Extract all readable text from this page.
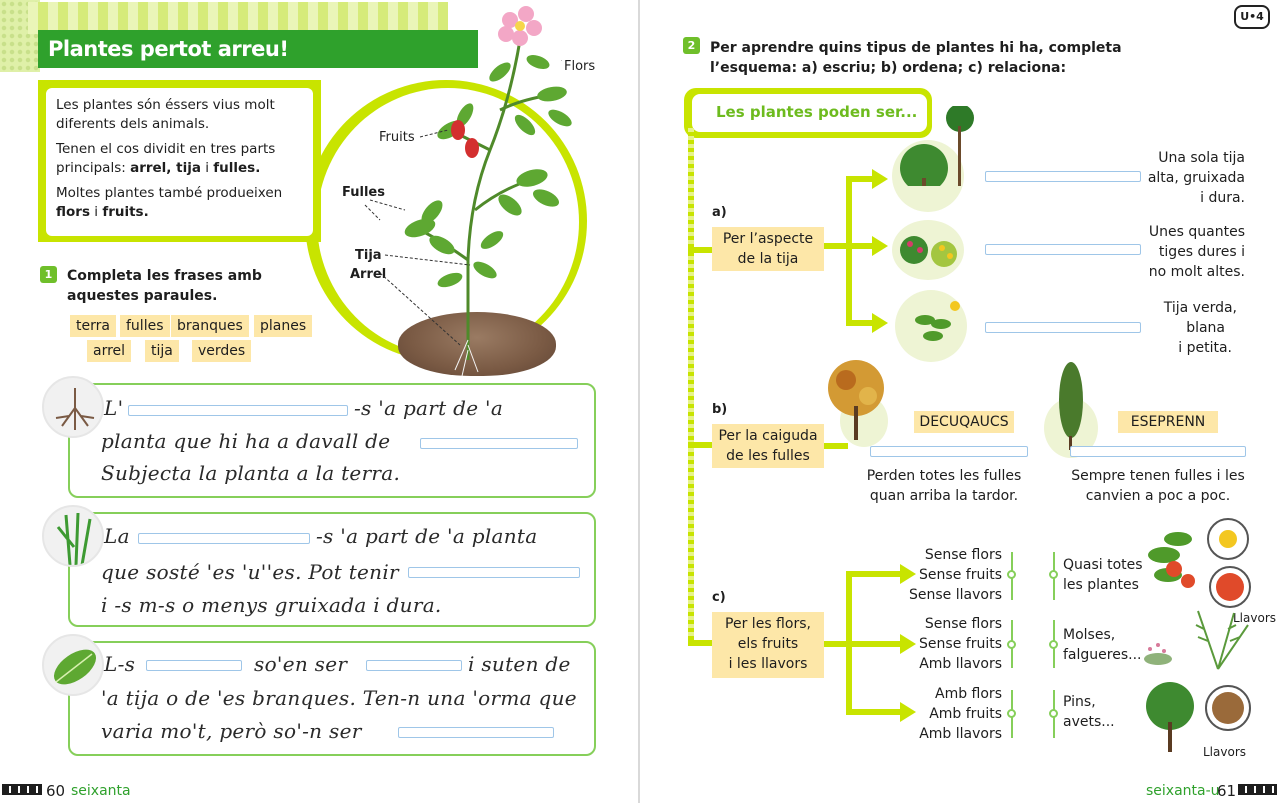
Plantes pertot arreu!

Les plantes són éssers vius molt diferents dels animals.

Tenen el cos dividit en tres parts principals: arrel, tija i fulles.

Moltes plantes també produeixen flors i fruits.

Flors
Fruits
Fulles
Tija
Arrel
1	Completa les frases amb aquestes paraules.
terra	fulles branques	planes
arrel	tija	verdes
L'	-s 'a part de 'a
planta que hi ha a davall de
Subjecta la planta a la terra.
La	-s 'a part de 'a planta
que sosté 'es 'u''es. Pot tenir
i -s m-s o menys gruixada i dura.
L-s	so'en ser	i suten de
'a tija o de 'es branques. Ten-n una 'orma que
varia mo't, però so'-n ser
60 seixanta
U•4
2	Per aprendre quins tipus de plantes hi ha, completa
l’esquema: a) escriu; b) ordena; c) relaciona:
Les plantes poden ser...
a)
Per l’aspecte
de la tija
Una sola tija
alta, gruixada
i dura.
Unes quantes
tiges dures i
no molt altes.
Tija verda,
blana
i petita.
b)
Per la caiguda
de les fulles
DECUQAUCS	ESEPRENN
Perden totes les fulles
quan arriba la tardor.
Sempre tenen fulles i les
canvien a poc a poc.
c)
Per les flors,
els fruits
i les llavors
Sense flors
Sense fruits
Sense llavors
Sense flors
Sense fruits
Amb llavors
Amb flors
Amb fruits
Amb llavors
Quasi totes
les plantes
Molses,
falgueres...
Pins,
avets...
Llavors
Llavors
seixanta-u
61
